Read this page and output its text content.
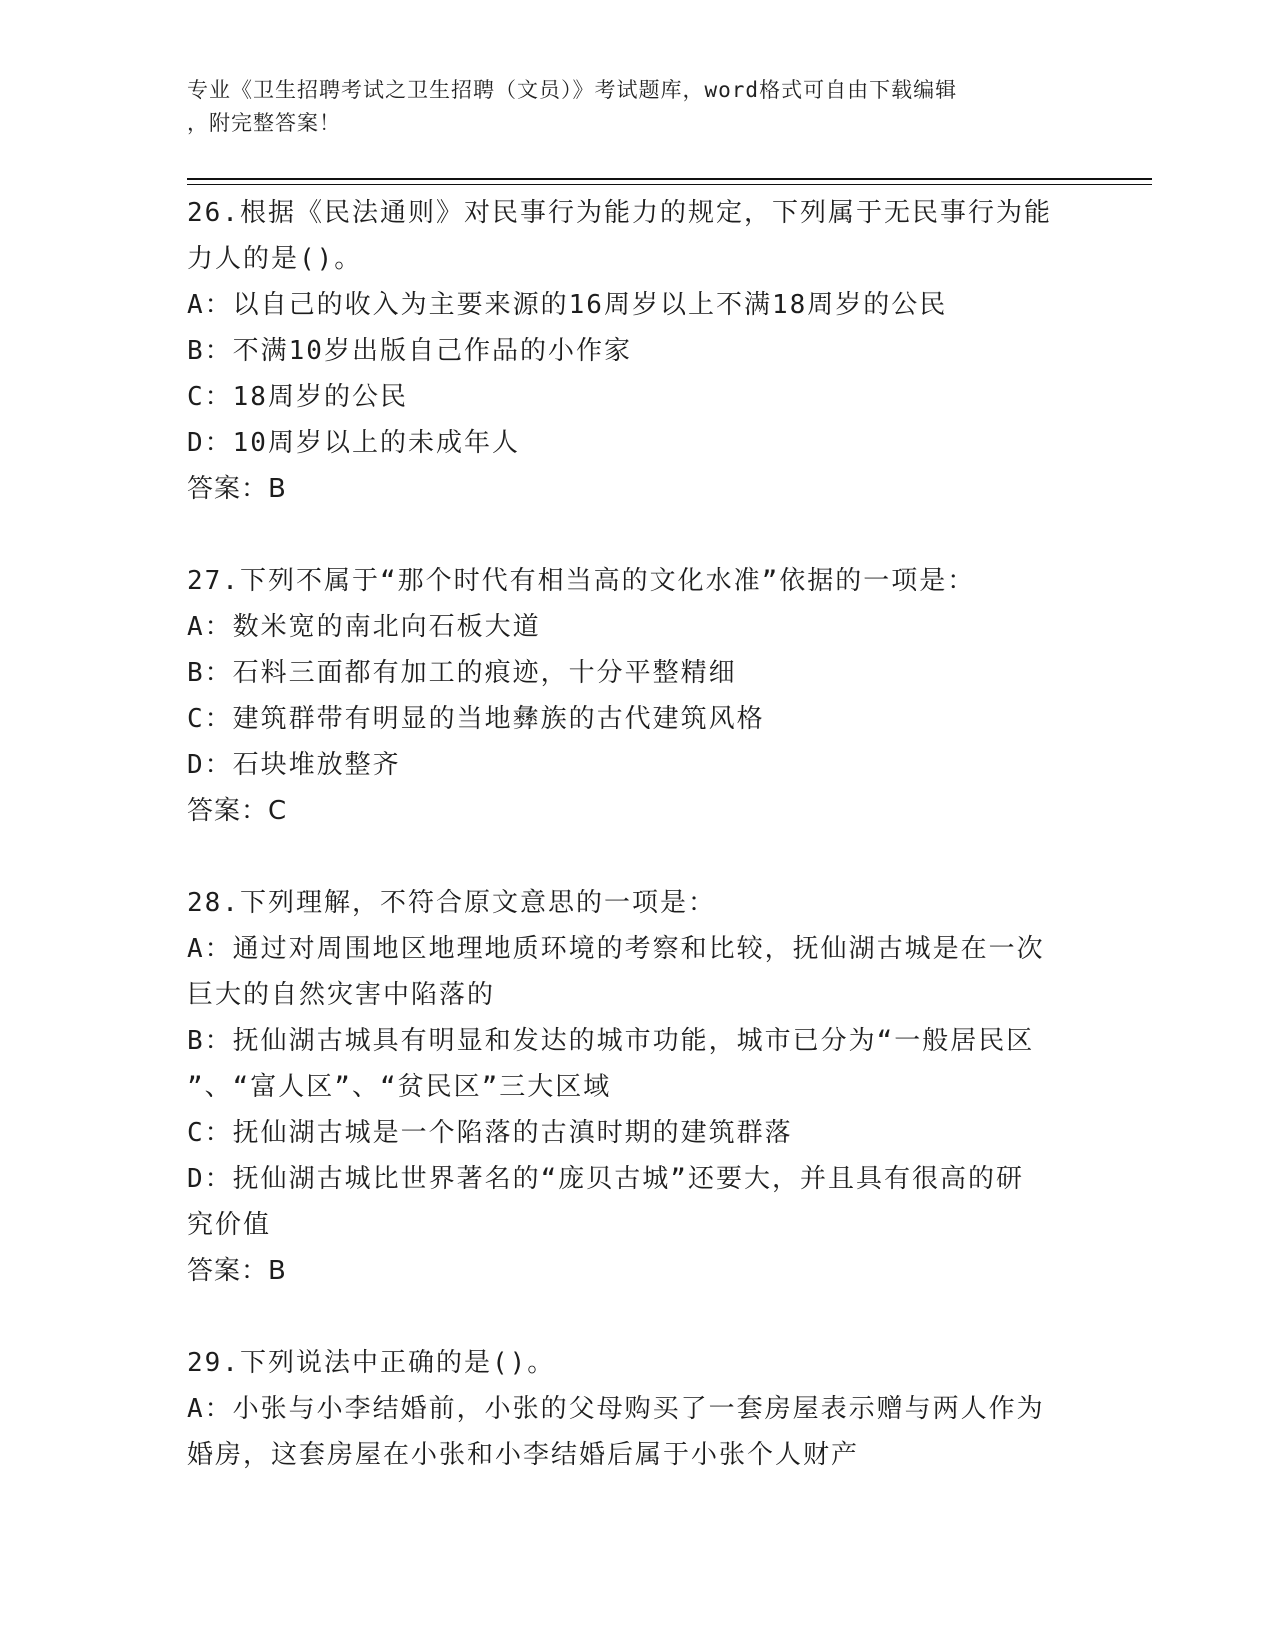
专业《卫生招聘考试之卫生招聘（文员）》考试题库，word格式可自由下载编辑
，附完整答案！

26.根据《民法通则》对民事行为能力的规定，下列属于无民事行为能

力人的是()。

A：以自己的收入为主要来源的16周岁以上不满18周岁的公民

B：不满10岁出版自己作品的小作家

C：18周岁的公民

D：10周岁以上的未成年人

答案：B

27.下列不属于“那个时代有相当高的文化水准”依据的一项是：

A：数米宽的南北向石板大道

B：石料三面都有加工的痕迹，十分平整精细

C：建筑群带有明显的当地彝族的古代建筑风格

D：石块堆放整齐

答案：C

28.下列理解，不符合原文意思的一项是：

A：通过对周围地区地理地质环境的考察和比较，抚仙湖古城是在一次

巨大的自然灾害中陷落的

B：抚仙湖古城具有明显和发达的城市功能，城市已分为“一般居民区

”、“富人区”、“贫民区”三大区域

C：抚仙湖古城是一个陷落的古滇时期的建筑群落

D：抚仙湖古城比世界著名的“庞贝古城”还要大，并且具有很高的研

究价值

答案：B

29.下列说法中正确的是()。

A：小张与小李结婚前，小张的父母购买了一套房屋表示赠与两人作为

婚房，这套房屋在小张和小李结婚后属于小张个人财产
